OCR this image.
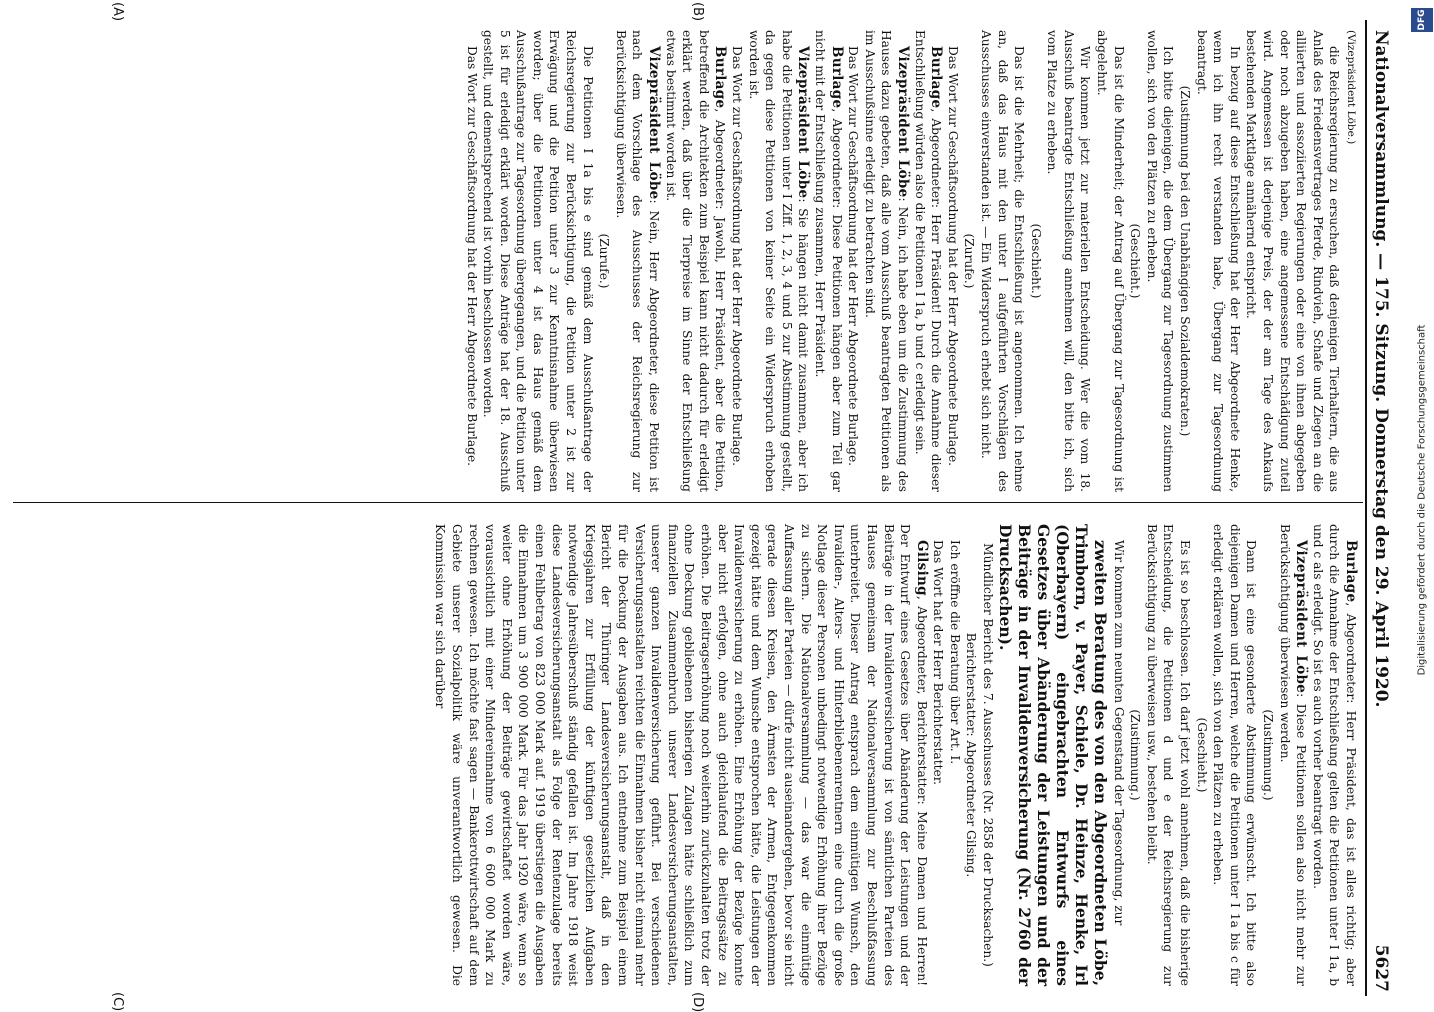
Nationalversammlung. — 175. Sitzung. Donnerstag den 29. April 1920.
5627
(A)	(B)
(C)	(D)

(Vizepräsident Löbe.)

die Reichsregierung zu ersuchen, daß denjenigen Tierhaltern, die aus Anlaß des Friedensvertrages Pferde, Rindvieh, Schafe und Ziegen an die alliierten und assoziierten Regierungen oder eine von ihnen abgegeben oder noch abzugeben haben, eine angemessene Entschädigung zuteil wird. Angemessen ist derjenige Preis, der der am Tage des Ankaufs bestehenden Marktlage annähernd entspricht.

In bezug auf diese Entschließung hat der Herr Abgeordnete Henke, wenn ich ihn recht verstanden habe, Übergang zur Tagesordnung beantragt.

(Zustimmung bei den Unabhängigen Sozialdemokraten.)

Ich bitte diejenigen, die dem Übergang zur Tagesordnung zustimmen wollen, sich von den Plätzen zu erheben.

(Geschieht.)

Das ist die Minderheit; der Antrag auf Übergang zur Tagesordnung ist abgelehnt.

Wir kommen jetzt zur materiellen Entscheidung. Wer die vom 18. Ausschuß beantragte Entschließung annehmen will, den bitte ich, sich vom Platze zu erheben.

(Geschieht.)

Das ist die Mehrheit; die Entschließung ist angenommen. Ich nehme an, daß das Haus mit den unter I aufgeführten Vorschlägen des Ausschusses einverstanden ist. — Ein Widerspruch erhebt sich nicht.

(Zurufe.)

Das Wort zur Geschäftsordnung hat der Herr Abgeordnete Burlage.

Burlage, Abgeordneter: Herr Präsident! Durch die Annahme dieser Entschließung würden also die Petitionen I 1a, b und c erledigt sein.

Vizepräsident Löbe: Nein, ich habe eben um die Zustimmung des Hauses dazu gebeten, daß alle vom Ausschuß beantragten Petitionen als im Ausschußsinne erledigt zu betrachten sind.

Das Wort zur Geschäftsordnung hat der Herr Abgeordnete Burlage.

Burlage, Abgeordneter: Diese Petitionen hängen aber zum Teil gar nicht mit der Entschließung zusammen, Herr Präsident.

Vizepräsident Löbe: Sie hängen nicht damit zusammen, aber ich habe die Petitionen unter I Ziff. 1, 2, 3, 4 und 5 zur Abstimmung gestellt, da gegen diese Petitionen von keiner Seite ein Widerspruch erhoben worden ist.

Das Wort zur Geschäftsordnung hat der Herr Abgeordnete Burlage.

Burlage, Abgeordneter: Jawohl, Herr Präsident, aber die Petition, betreffend die Architekten zum Beispiel kann nicht dadurch für erledigt erklärt werden, daß über die Tierpreise im Sinne der Entschließung etwas bestimmt worden ist.

Vizepräsident Löbe: Nein, Herr Abgeordneter, diese Petition ist nach dem Vorschlage des Ausschusses der Reichsregierung zur Berücksichtigung überwiesen.

(Zurufe.)

Die Petitionen I 1a bis e sind gemäß dem Ausschußantrage der Reichsregierung zur Berücksichtigung, die Petition unter 2 ist zur Erwägung und die Petition unter 3 zur Kenntnisnahme überwiesen worden; über die Petitionen unter 4 ist das Haus gemäß dem Ausschußantrage zur Tagesordnung übergegangen, und die Petition unter 5 ist für erledigt erklärt worden. Diese Anträge hat der 18. Ausschuß gestellt, und dementsprechend ist vorhin beschlossen worden.

Das Wort zur Geschäftsordnung hat der Herr Abgeordnete Burlage.

Burlage, Abgeordneter: Herr Präsident, das ist alles richtig; aber durch die Annahme der Entschließung gelten die Petitionen unter I 1a, b und c als erledigt. So ist es auch vorher beantragt worden.

Vizepräsident Löbe: Diese Petitionen sollen also nicht mehr zur Berücksichtigung überwiesen werden.

(Zustimmung.)

Dann ist eine gesonderte Abstimmung erwünscht. Ich bitte also diejenigen Damen und Herren, welche die Petitionen unter I 1a bis c für erledigt erklären wollen, sich von den Plätzen zu erheben.

(Geschieht.)

Es ist so beschlossen. Ich darf jetzt wohl annehmen, daß die bisherige Entscheidung, die Petitionen d und e der Reichsregierung zur Berücksichtigung zu überweisen usw., bestehen bleibt.

(Zustimmung.)

Wir kommen zum neunten Gegenstand der Tagesordnung, zur

zweiten Beratung des von den Abgeordneten Löbe, Trimborn, v. Payer, Schiele, Dr. Heinze, Henke, Irl (Oberbayern) eingebrachten Entwurfs eines Gesetzes über Abänderung der Leistungen und der Beiträge in der Invalidenversicherung (Nr. 2760 der Drucksachen).

Mündlicher Bericht des 7. Ausschusses (Nr. 2858 der Drucksachen.)

Berichterstatter: Abgeordneter Gilsing.

Ich eröffne die Beratung über Art. I.

Das Wort hat der Herr Berichterstatter.

Gilsing, Abgeordneter, Berichterstatter: Meine Damen und Herren! Der Entwurf eines Gesetzes über Abänderung der Leistungen und der Beiträge in der Invalidenversicherung ist von sämtlichen Parteien des Hauses gemeinsam der Nationalversammlung zur Beschlußfassung unterbreitet. Dieser Antrag entsprach dem einmütigen Wunsch, den Invaliden-, Alters- und Hinterbliebenenrentnern eine durch die große Notlage dieser Personen unbedingt notwendige Erhöhung ihrer Bezüge zu sichern. Die Nationalversammlung — das war die einmütige Auffassung aller Parteien — dürfe nicht auseinandergehen, bevor sie nicht gerade diesen Kreisen, den Ärmsten der Armen, Entgegenkommen gezeigt hätte und dem Wunsche entsprochen hätte, die Leistungen der Invalidenversicherung zu erhöhen. Eine Erhöhung der Bezüge konnte aber nicht erfolgen, ohne auch gleichlaufend die Beitragssätze zu erhöhen. Die Beitragserhöhung noch weiterhin zurückzuhalten trotz der ohne Deckung gebliebenen bisherigen Zulagen hätte schließlich zum finanziellen Zusammenbruch unserer Landesversicherungsanstalten, unserer ganzen Invalidenversicherung geführt. Bei verschiedenen Versicherungsanstalten reichten die Einnahmen bisher nicht einmal mehr für die Deckung der Ausgaben aus. Ich entnehme zum Beispiel einem Bericht der Thüringer Landesversicherungsanstalt, daß in den Kriegsjahren zur Erfüllung der künftigen gesetzlichen Aufgaben notwendige Jahresüberschuß ständig gefallen ist. Im Jahre 1918 weist diese Landesversicherungsanstalt als Folge der Rentenzulage bereits einen Fehlbetrag von 823 000 Mark auf. 1919 überstiegen die Ausgaben die Einnahmen um 3 900 000 Mark. Für das Jahr 1920 wäre, wenn so weiter ohne Erhöhung der Beiträge gewirtschaftet worden wäre, voraussichtlich mit einer Mindereinnahme von 6 600 000 Mark zu rechnen gewesen. Ich möchte fast sagen — Bankerottwirtschaft auf dem Gebiete unserer Sozialpolitik wäre unverantwortlich gewesen. Die Kommission war sich darüber

DFG
Digitalisierung gefördert durch die Deutsche Forschungsgemeinschaft
